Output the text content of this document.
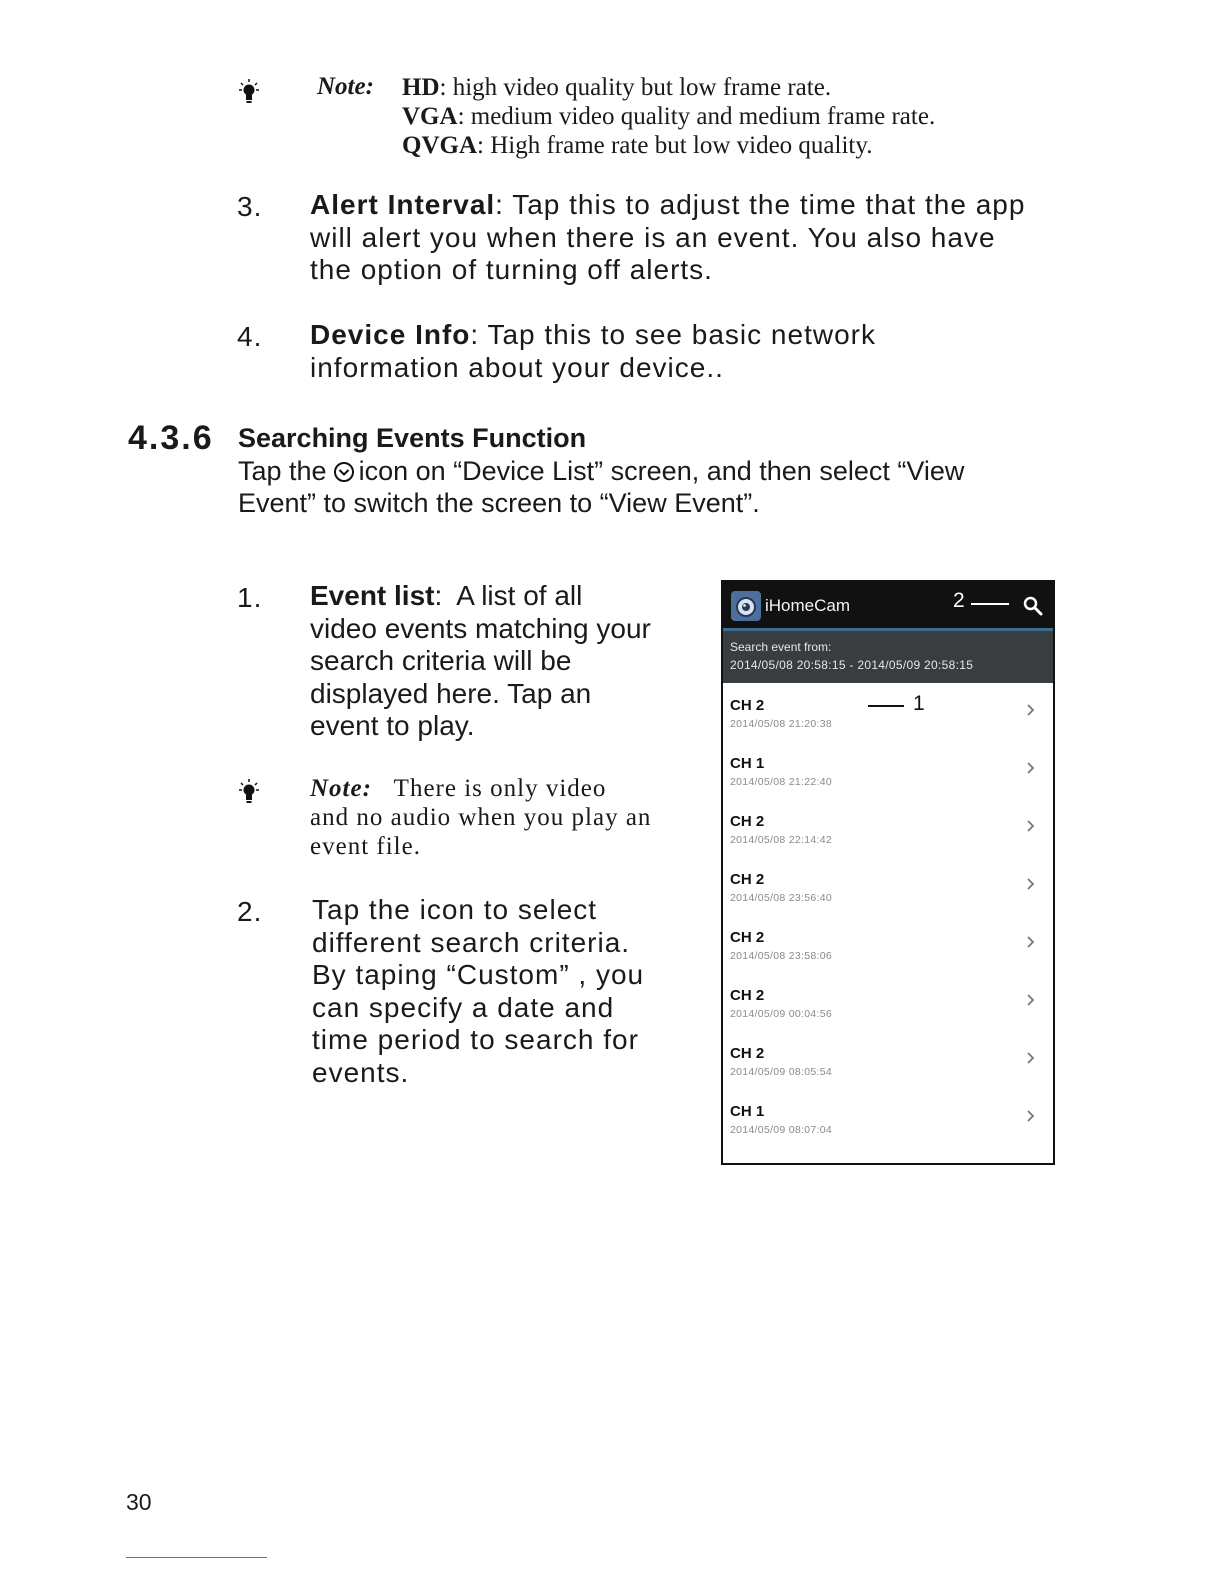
Note: HD: high video quality but low frame rate.
VGA: medium video quality and medium frame rate.
QVGA: High frame rate but low video quality.
3. Alert Interval: Tap this to adjust the time that the app
will alert you when there is an event. You also have
the option of turning off alerts.
4. Device Info: Tap this to see basic network
information about your device..
4.3.6 Searching Events Function
Tap the icon on “Device List” screen, and then select “View
Event” to switch the screen to “View Event”.
1. Event list:  A list of all
video events matching your
search criteria will be
displayed here. Tap an
event to play.
Note: There is only video
and no audio when you play an
event file.
2. Tap the icon to select
different search criteria.
By taping “Custom” , you
can specify a date and
time period to search for
events.
iHomeCam	2
Search event from:
2014/05/08 20:58:15 - 2014/05/09 20:58:15
CH 2
2014/05/08 21:20:38
1
CH 1
2014/05/08 21:22:40
CH 2
2014/05/08 22:14:42
CH 2
2014/05/08 23:56:40
CH 2
2014/05/08 23:58:06
CH 2
2014/05/09 00:04:56
CH 2
2014/05/09 08:05:54
CH 1
2014/05/09 08:07:04
30
